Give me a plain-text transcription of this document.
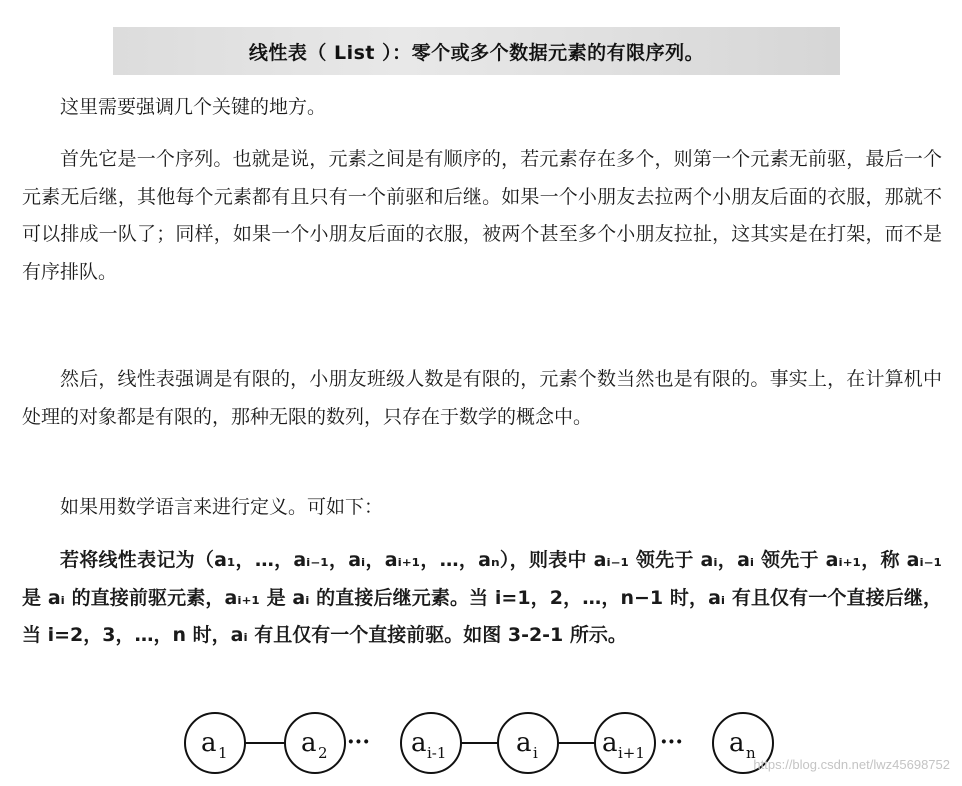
线性表（ List ）：零个或多个数据元素的有限序列。

这里需要强调几个关键的地方。

首先它是一个序列。也就是说，元素之间是有顺序的，若元素存在多个，则第一个元素无前驱，最后一个元素无后继，其他每个元素都有且只有一个前驱和后继。如果一个小朋友去拉两个小朋友后面的衣服，那就不可以排成一队了；同样，如果一个小朋友后面的衣服，被两个甚至多个小朋友拉扯，这其实是在打架，而不是有序排队。

然后，线性表强调是有限的，小朋友班级人数是有限的，元素个数当然也是有限的。事实上，在计算机中处理的对象都是有限的，那种无限的数列，只存在于数学的概念中。

如果用数学语言来进行定义。可如下：

若将线性表记为（a₁，…，aᵢ₋₁，aᵢ，aᵢ₊₁，…，aₙ），则表中 aᵢ₋₁ 领先于 aᵢ，aᵢ 领先于 aᵢ₊₁，称 aᵢ₋₁ 是 aᵢ 的直接前驱元素，aᵢ₊₁ 是 aᵢ 的直接后继元素。当 i=1，2，…，n−1 时，aᵢ 有且仅有一个直接后继，当 i=2，3，…，n 时，aᵢ 有且仅有一个直接前驱。如图 3-2-1 所示。

···	···
a 1	a 2	a i-1	a i a i+1	a n
https://blog.csdn.net/lwz45698752
